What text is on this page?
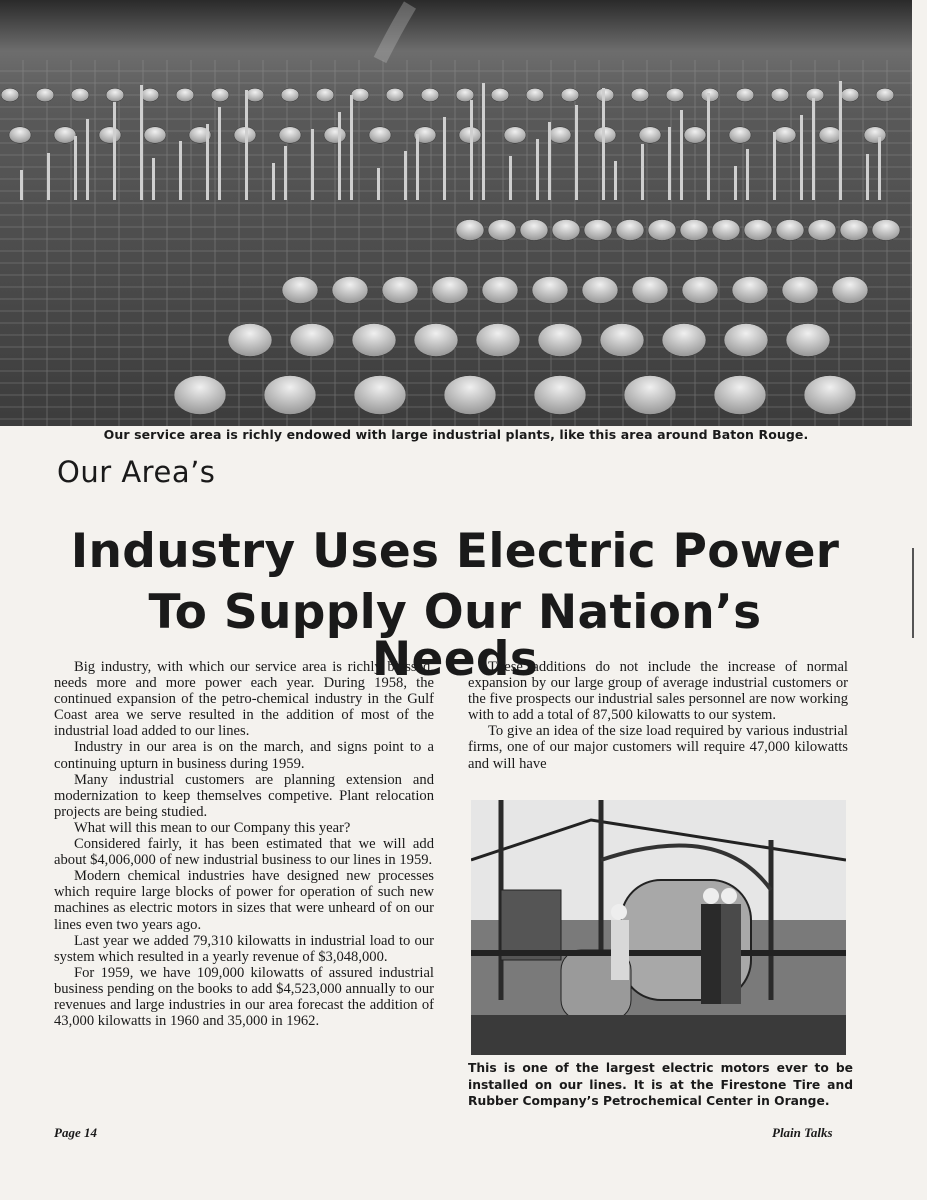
Our service area is richly endowed with large industrial plants, like this area around Baton Rouge.
Our Area’s
Industry Uses Electric Power
To Supply Our Nation’s Needs

Big industry, with which our service area is richly blessed, needs more and more power each year. During 1958, the continued expansion of the petro-chemical industry in the Gulf Coast area we serve resulted in the addition of most of the industrial load added to our lines.

Industry in our area is on the march, and signs point to a continuing upturn in business during 1959.

Many industrial customers are planning extension and modernization to keep themselves competive. Plant relocation projects are being studied.

What will this mean to our Company this year?

Considered fairly, it has been estimated that we will add about $4,006,000 of new industrial business to our lines in 1959.

Modern chemical industries have designed new processes which require large blocks of power for operation of such new machines as electric motors in sizes that were unheard of on our lines even two years ago.

Last year we added 79,310 kilowatts in industrial load to our system which resulted in a yearly revenue of $3,048,000.

For 1959, we have 109,000 kilowatts of assured industrial business pending on the books to add $4,523,000 annually to our revenues and large industries in our area forecast the addition of 43,000 kilowatts in 1960 and 35,000 in 1962.

These additions do not include the increase of normal expansion by our large group of average industrial customers or the five prospects our industrial sales personnel are now working with to add a total of 87,500 kilowatts to our system.

To give an idea of the size load required by various industrial firms, one of our major customers will require 47,000 kilowatts and will have

This is one of the largest electric motors ever to be installed on our lines. It is at the Firestone Tire and Rubber Company’s Petrochemical Center in Orange.
Page 14	Plain Talks
